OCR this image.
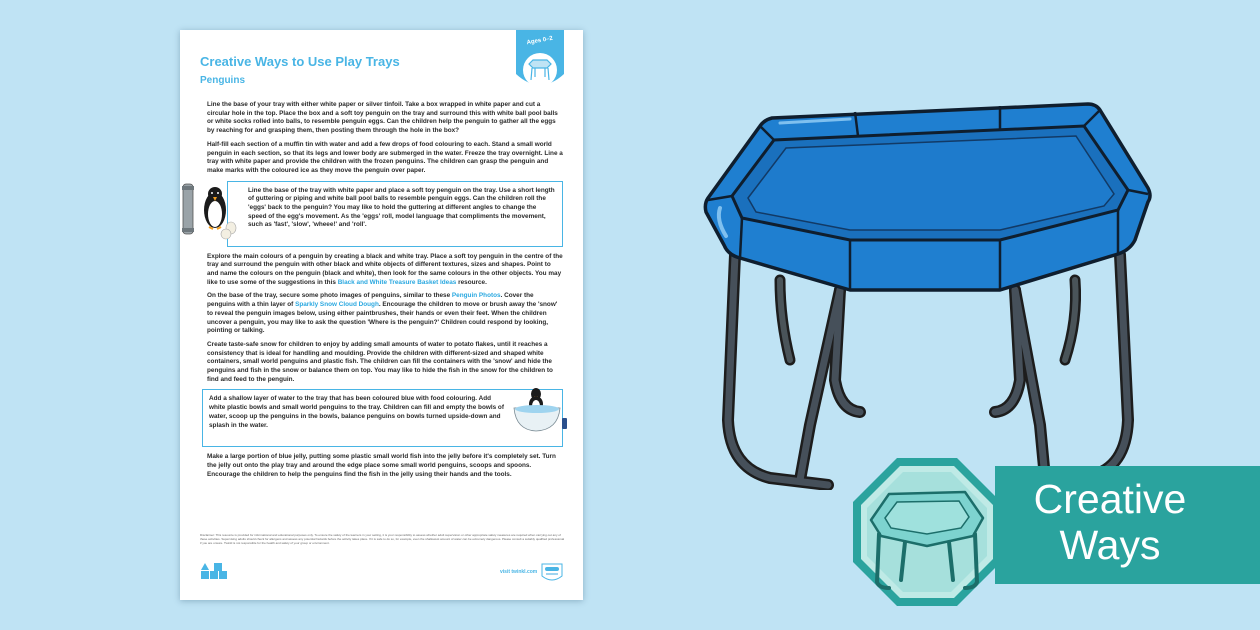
Creative Ways to Use Play Trays
Penguins
Ages 0–2

Line the base of your tray with either white paper or silver tinfoil. Take a box wrapped in white paper and cut a circular hole in the top. Place the box and a soft toy penguin on the tray and surround this with white ball pool balls or white socks rolled into balls, to resemble penguin eggs. Can the children help the penguin to gather all the eggs by reaching for and grasping them, then posting them through the hole in the box?

Half-fill each section of a muffin tin with water and add a few drops of food colouring to each. Stand a small world penguin in each section, so that its legs and lower body are submerged in the water. Freeze the tray overnight. Line a tray with white paper and provide the children with the frozen penguins. The children can grasp the penguin and make marks with the coloured ice as they move the penguin over paper.

Line the base of the tray with white paper and place a soft toy penguin on the tray. Use a short length of guttering or piping and white ball pool balls to resemble penguin eggs. Can the children roll the 'eggs' back to the penguin? You may like to hold the guttering at different angles to change the speed of the egg's movement. As the 'eggs' roll, model language that compliments the movement, such as 'fast', 'slow', 'wheee!' and 'roll'.

Explore the main colours of a penguin by creating a black and white tray. Place a soft toy penguin in the centre of the tray and surround the penguin with other black and white objects of different textures, sizes and shapes. Point to and name the colours on the penguin (black and white), then look for the same colours in the other objects. You may like to use some of the suggestions in this Black and White Treasure Basket Ideas resource.

On the base of the tray, secure some photo images of penguins, similar to these Penguin Photos. Cover the penguins with a thin layer of Sparkly Snow Cloud Dough. Encourage the children to move or brush away the 'snow' to reveal the penguin images below, using either paintbrushes, their hands or even their feet. When the children uncover a penguin, you may like to ask the question 'Where is the penguin?' Children could respond by looking, pointing or talking.

Create taste-safe snow for children to enjoy by adding small amounts of water to potato flakes, until it reaches a consistency that is ideal for handling and moulding. Provide the children with different-sized and shaped white containers, small world penguins and plastic fish. The children can fill the containers with the 'snow' and hide the penguins and fish in the snow or balance them on top. You may like to hide the fish in the snow for the children to find and feed to the penguin.

Add a shallow layer of water to the tray that has been coloured blue with food colouring. Add white plastic bowls and small world penguins to the tray. Children can fill and empty the bowls of water, scoop up the penguins in the bowls, balance penguins on bowls turned upside-down and splash in the water.

Make a large portion of blue jelly, putting some plastic small world fish into the jelly before it's completely set. Turn the jelly out onto the play tray and around the edge place some small world penguins, scoops and spoons. Encourage the children to help the penguins find the fish in the jelly using their hands and the tools.

Disclaimer: This resource is provided for informational and educational purposes only. To ensure the safety of the learners in your setting, it is your responsibility to assess whether adult supervision or other appropriate safety measures are required when carrying out any of these activities. Supervising adults should check for allergens and assess any potential hazards before the activity takes place. If it is safe to do so, for example, even the shallowest amount of water can be extremely dangerous. Please consult a suitably qualified professional if you are unsure. Twinkl is not responsible for the health and safety of your group or environment.

visit twinkl.com

Creative
Ways
